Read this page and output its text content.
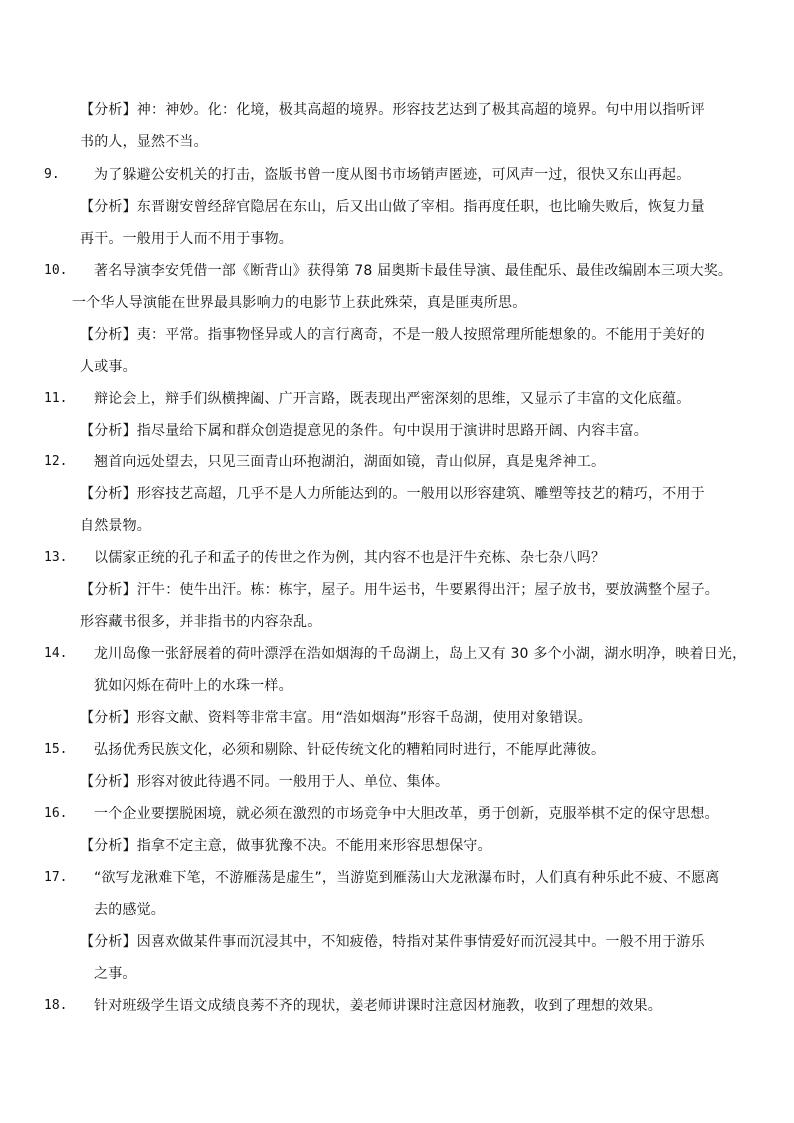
【分析】神：神妙。化：化境，极其高超的境界。形容技艺达到了极其高超的境界。句中用以指听评
书的人，显然不当。
9. 为了躲避公安机关的打击，盗版书曾一度从图书市场销声匿迹，可风声一过，很快又东山再起。
【分析】东晋谢安曾经辞官隐居在东山，后又出山做了宰相。指再度任职，也比喻失败后，恢复力量
再干。一般用于人而不用于事物。
10. 著名导演李安凭借一部《断背山》获得第 78 届奥斯卡最佳导演、最佳配乐、最佳改编剧本三项大奖。
一个华人导演能在世界最具影响力的电影节上获此殊荣，真是匪夷所思。
【分析】夷：平常。指事物怪异或人的言行离奇，不是一般人按照常理所能想象的。不能用于美好的
人或事。
11. 辩论会上，辩手们纵横捭阖、广开言路，既表现出严密深刻的思维，又显示了丰富的文化底蕴。
【分析】指尽量给下属和群众创造提意见的条件。句中误用于演讲时思路开阔、内容丰富。
12. 翘首向远处望去，只见三面青山环抱湖泊，湖面如镜，青山似屏，真是鬼斧神工。
【分析】形容技艺高超，几乎不是人力所能达到的。一般用以形容建筑、雕塑等技艺的精巧，不用于
自然景物。
13. 以儒家正统的孔子和孟子的传世之作为例，其内容不也是汗牛充栋、杂七杂八吗？
【分析】汗牛：使牛出汗。栋：栋宇，屋子。用牛运书，牛要累得出汗；屋子放书，要放满整个屋子。
形容藏书很多，并非指书的内容杂乱。
14. 龙川岛像一张舒展着的荷叶漂浮在浩如烟海的千岛湖上，岛上又有 30 多个小湖，湖水明净，映着日光，
犹如闪烁在荷叶上的水珠一样。
【分析】形容文献、资料等非常丰富。用“浩如烟海”形容千岛湖，使用对象错误。
15. 弘扬优秀民族文化，必须和剔除、针砭传统文化的糟粕同时进行，不能厚此薄彼。
【分析】形容对彼此待遇不同。一般用于人、单位、集体。
16. 一个企业要摆脱困境，就必须在激烈的市场竞争中大胆改革，勇于创新，克服举棋不定的保守思想。
【分析】指拿不定主意，做事犹豫不决。不能用来形容思想保守。
17. “欲写龙湫难下笔，不游雁荡是虚生”，当游览到雁荡山大龙湫瀑布时，人们真有种乐此不疲、不愿离
去的感觉。
【分析】因喜欢做某件事而沉浸其中，不知疲倦，特指对某件事情爱好而沉浸其中。一般不用于游乐
之事。
18. 针对班级学生语文成绩良莠不齐的现状，姜老师讲课时注意因材施教，收到了理想的效果。
